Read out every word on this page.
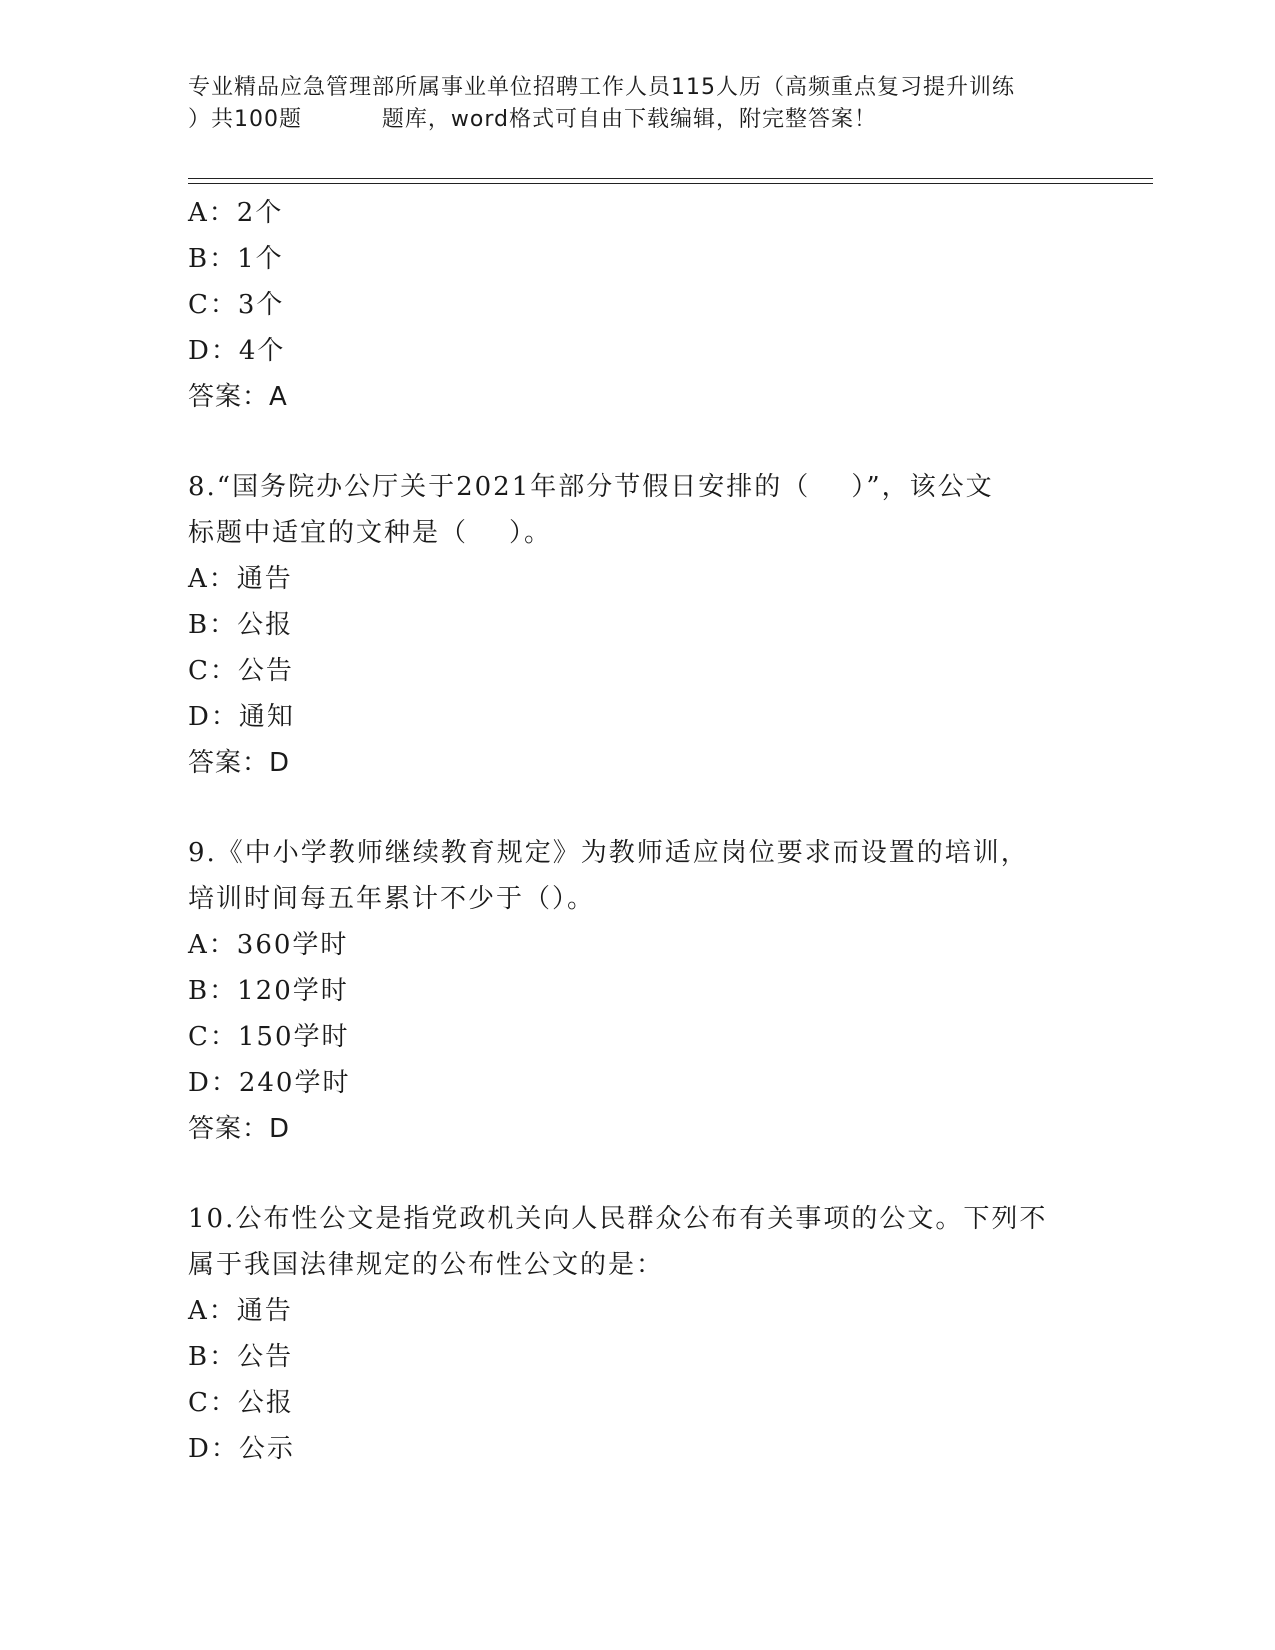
专业精品应急管理部所属事业单位招聘工作人员115人历（高频重点复习提升训练
）共100题          题库，word格式可自由下载编辑，附完整答案！
A：2个
B：1个
C：3个
D：4个
答案：A
8.“国务院办公厅关于2021年部分节假日安排的（    ）”，该公文
标题中适宜的文种是（    ）。
A：通告
B：公报
C：公告
D：通知
答案：D
9.《中小学教师继续教育规定》为教师适应岗位要求而设置的培训，
培训时间每五年累计不少于（）。
A：360学时
B：120学时
C：150学时
D：240学时
答案：D
10.公布性公文是指党政机关向人民群众公布有关事项的公文。下列不
属于我国法律规定的公布性公文的是：
A：通告
B：公告
C：公报
D：公示
